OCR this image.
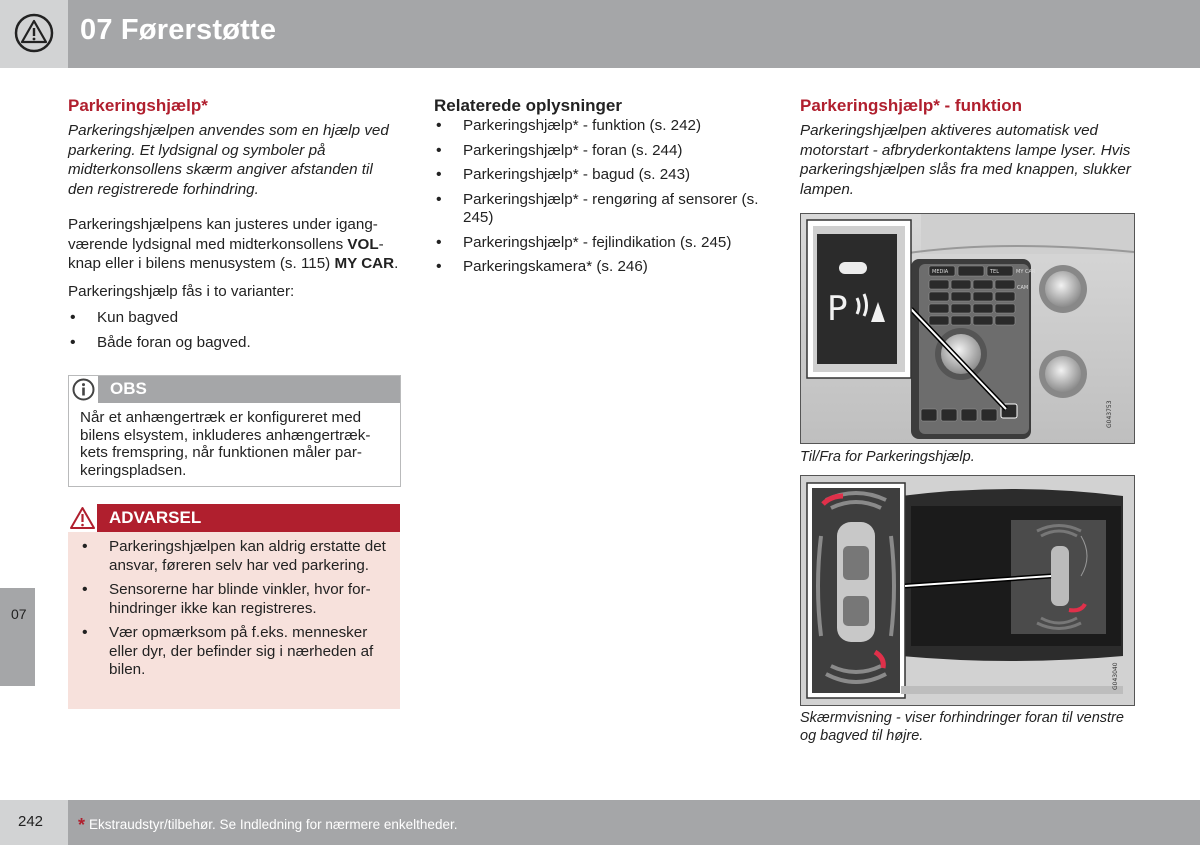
07 Førerstøtte
07
Parkeringshjælp*

Parkeringshjælpen anvendes som en hjælp ved parkering. Et lydsignal og symboler på midterkonsollens skærm angiver afstanden til den registrerede forhindring.

Parkeringshjælpens kan justeres under igangværende lydsignal med midterkonsollens VOL-knap eller i bilens menusystem (s. 115) MY CAR.

Parkeringshjælp fås i to varianter:

• Kun bagved
• Både foran og bagved.
OBS
Når et anhængertræk er konfigureret med bilens elsystem, inkluderes anhængertrækkets fremspring, når funktionen måler parkeringspladsen.
ADVARSEL
• Parkeringshjælpen kan aldrig erstatte det ansvar, føreren selv har ved parkering.
• Sensorerne har blinde vinkler, hvor forhindringer ikke kan registreres.
• Vær opmærksom på f.eks. mennesker eller dyr, der befinder sig i nærheden af bilen.
Relaterede oplysninger
• Parkeringshjælp* - funktion (s. 242)
• Parkeringshjælp* - foran (s. 244)
• Parkeringshjælp* - bagud (s. 243)
• Parkeringshjælp* - rengøring af sensorer (s. 245)
• Parkeringshjælp* - fejlindikation (s. 245)
• Parkeringskamera* (s. 246)
Parkeringshjælp* - funktion

Parkeringshjælpen aktiveres automatisk ved motorstart - afbryderkontaktens lampe lyser. Hvis parkeringshjælpen slås fra med knappen, slukker lampen.

MEDIA	TEL	MY CAR
CAM
P
G043753
Til/Fra for Parkeringshjælp.
G043040
Skærmvisning - viser forhindringer foran til venstre og bagved til højre.
242 * Ekstraudstyr/tilbehør. Se Indledning for nærmere enkeltheder.
